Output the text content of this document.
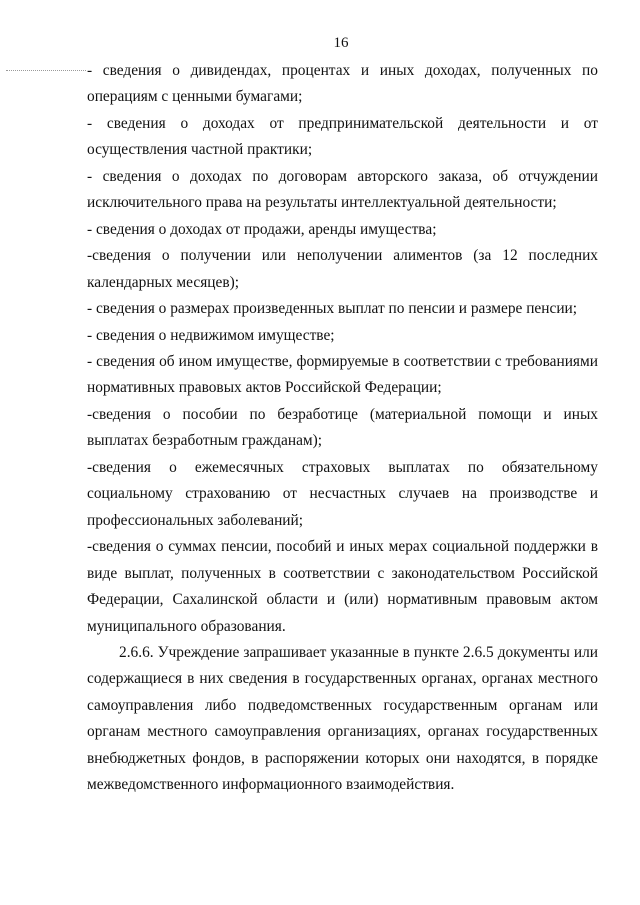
16

- сведения о дивидендах, процентах и иных доходах, полученных по операциям с ценными бумагами;

- сведения о доходах от предпринимательской деятельности и от осуществления частной практики;

- сведения о доходах по договорам авторского заказа, об отчуждении исключительного права на результаты интеллектуальной деятельности;

- сведения о доходах от продажи, аренды имущества;

-сведения о получении или неполучении алиментов (за 12 последних календарных месяцев);

- сведения о размерах произведенных выплат по пенсии и размере пенсии;

- сведения о недвижимом имуществе;

- сведения об ином имуществе, формируемые в соответствии с требованиями нормативных правовых актов Российской Федерации;

-сведения о пособии по безработице (материальной помощи и иных выплатах безработным гражданам);

-сведения о ежемесячных страховых выплатах по обязательному социальному страхованию от несчастных случаев на производстве и профессиональных заболеваний;

-сведения о суммах пенсии, пособий и иных мерах социальной поддержки в виде выплат, полученных в соответствии с законодательством Российской Федерации, Сахалинской области и (или) нормативным правовым актом муниципального образования.

2.6.6. Учреждение запрашивает указанные в пункте 2.6.5 документы или содержащиеся в них сведения в государственных органах, органах местного самоуправления либо подведомственных государственным органам или органам местного самоуправления организациях, органах государственных внебюджетных фондов, в распоряжении которых они находятся, в порядке межведомственного информационного взаимодействия.
